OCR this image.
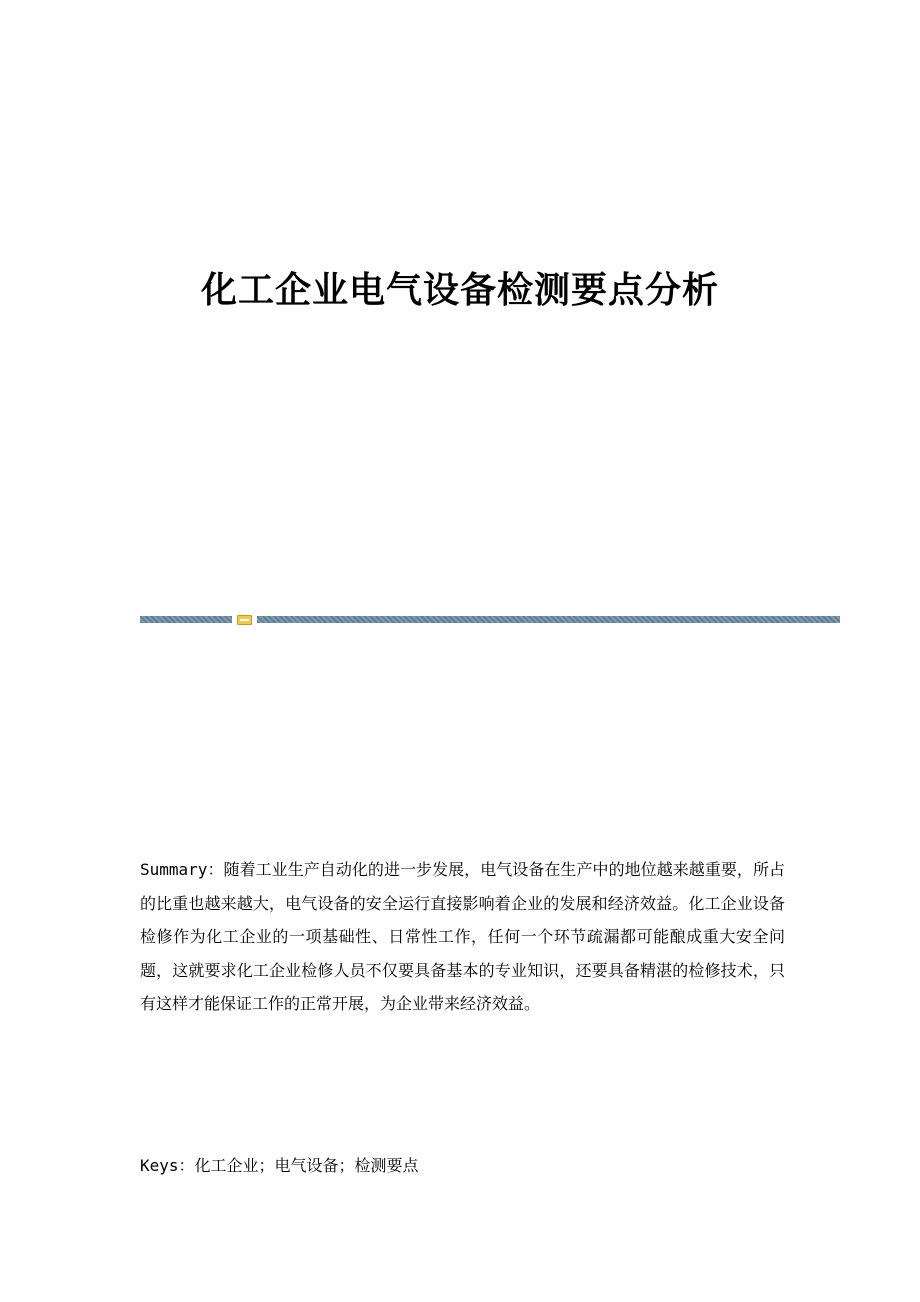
化工企业电气设备检测要点分析

Summary：随着工业生产自动化的进一步发展，电气设备在生产中的地位越来越重要，所占的比重也越来越大，电气设备的安全运行直接影响着企业的发展和经济效益。化工企业设备检修作为化工企业的一项基础性、日常性工作，任何一个环节疏漏都可能酿成重大安全问题，这就要求化工企业检修人员不仅要具备基本的专业知识，还要具备精湛的检修技术，只有这样才能保证工作的正常开展，为企业带来经济效益。

Keys：化工企业；电气设备；检测要点
